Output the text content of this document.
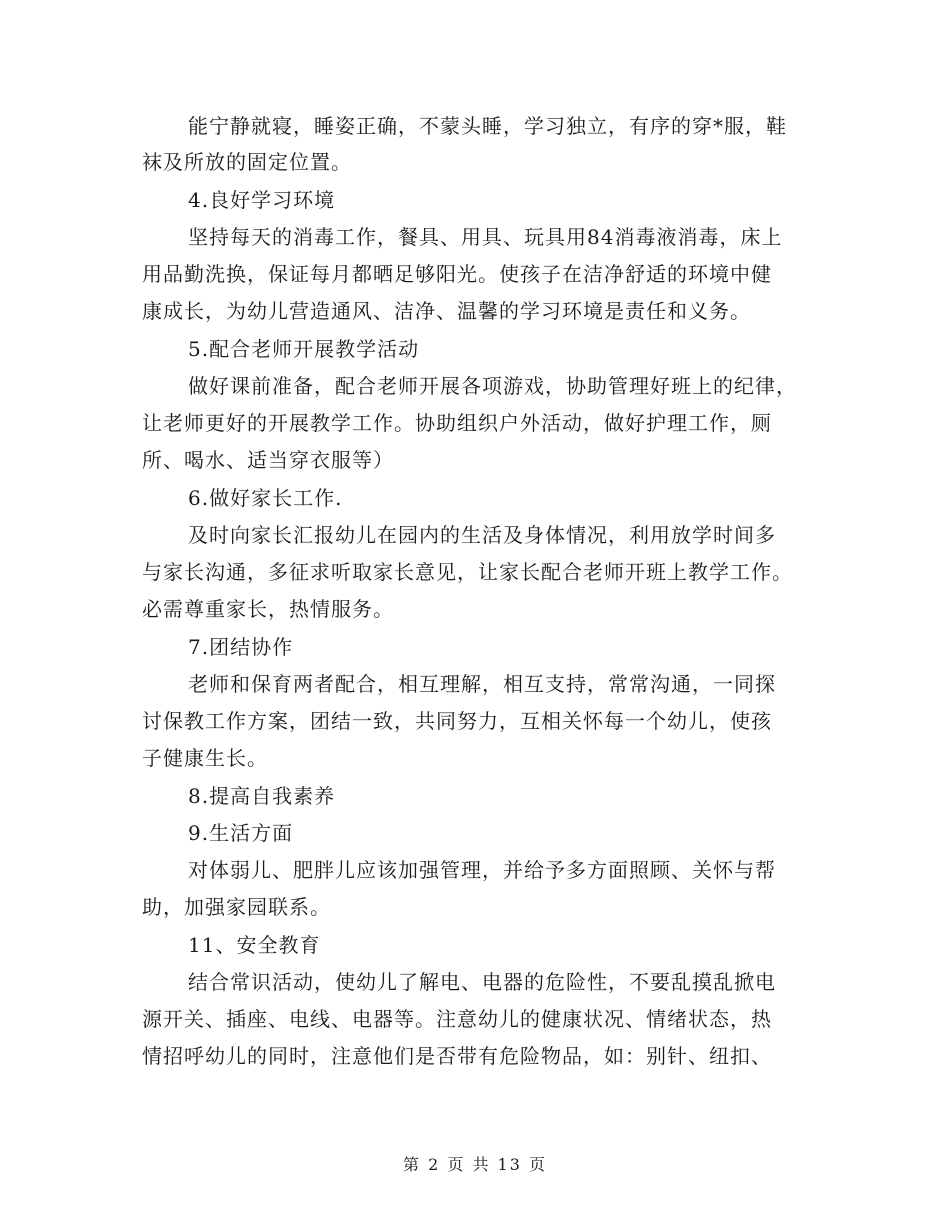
能宁静就寝，睡姿正确，不蒙头睡，学习独立，有序的穿*服，鞋
袜及所放的固定位置。
4.良好学习环境
坚持每天的消毒工作，餐具、用具、玩具用84消毒液消毒，床上
用品勤洗换，保证每月都晒足够阳光。使孩子在洁净舒适的环境中健
康成长，为幼儿营造通风、洁净、温馨的学习环境是责任和义务。
5.配合老师开展教学活动
做好课前准备，配合老师开展各项游戏，协助管理好班上的纪律，
让老师更好的开展教学工作。协助组织户外活动，做好护理工作，厕
所、喝水、适当穿衣服等）
6.做好家长工作.
及时向家长汇报幼儿在园内的生活及身体情况，利用放学时间多
与家长沟通，多征求听取家长意见，让家长配合老师开班上教学工作。
必需尊重家长，热情服务。
7.团结协作
老师和保育两者配合，相互理解，相互支持，常常沟通，一同探
讨保教工作方案，团结一致，共同努力，互相关怀每一个幼儿，使孩
子健康生长。
8.提高自我素养
9.生活方面
对体弱儿、肥胖儿应该加强管理，并给予多方面照顾、关怀与帮
助，加强家园联系。
11、安全教育
结合常识活动，使幼儿了解电、电器的危险性，不要乱摸乱掀电
源开关、插座、电线、电器等。注意幼儿的健康状况、情绪状态，热
情招呼幼儿的同时，注意他们是否带有危险物品，如：别针、纽扣、
第 2 页 共 13 页
